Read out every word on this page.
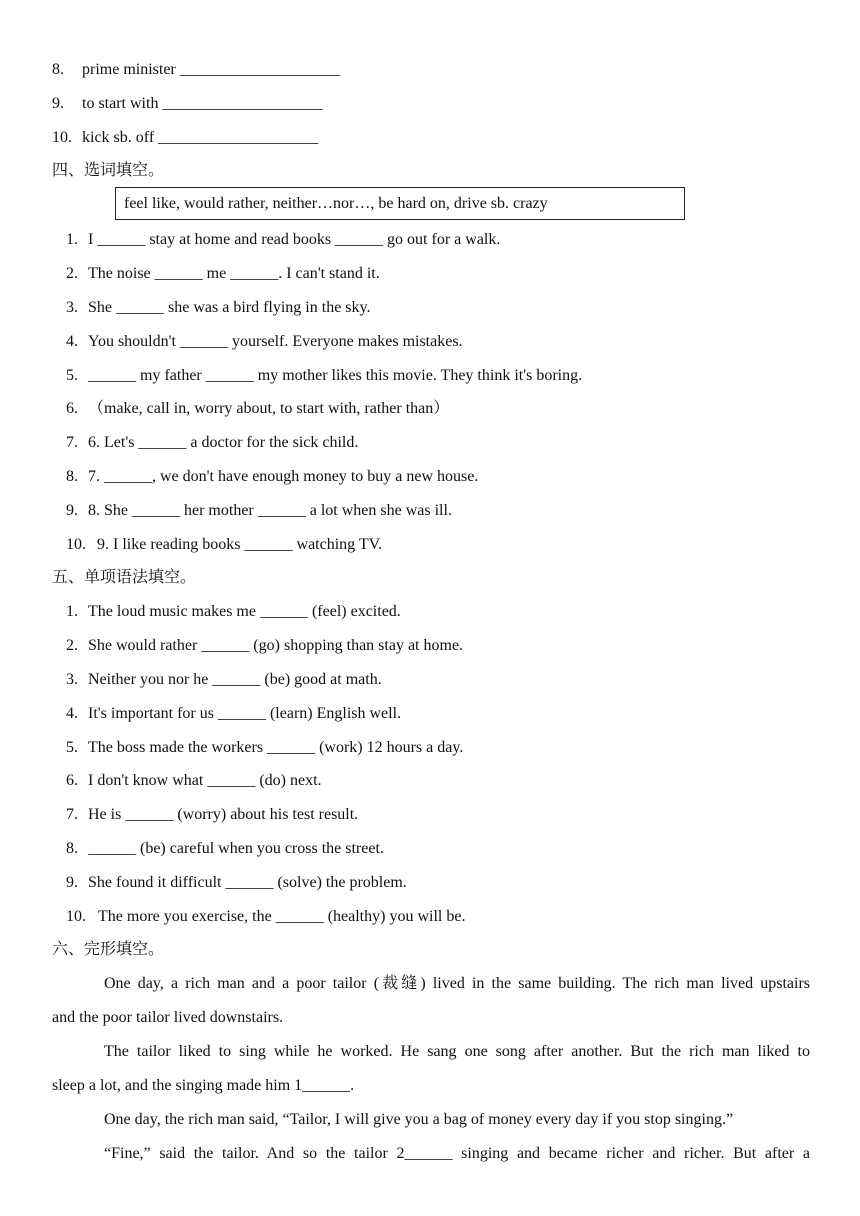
8. prime minister ____________________
9. to start with ____________________
10. kick sb. off ____________________
四、选词填空。
feel like, would rather, neither…nor…, be hard on, drive sb. crazy
1. I ______ stay at home and read books ______ go out for a walk.
2. The noise ______ me ______. I can't stand it.
3. She ______ she was a bird flying in the sky.
4. You shouldn't ______ yourself. Everyone makes mistakes.
5. ______ my father ______ my mother likes this movie. They think it's boring.
6. （make, call in, worry about, to start with, rather than）
7. 6. Let's ______ a doctor for the sick child.
8. 7. ______, we don't have enough money to buy a new house.
9. 8. She ______ her mother ______ a lot when she was ill.
10. 9. I like reading books ______ watching TV.
五、单项语法填空。
1. The loud music makes me ______ (feel) excited.
2. She would rather ______ (go) shopping than stay at home.
3. Neither you nor he ______ (be) good at math.
4. It's important for us ______ (learn) English well.
5. The boss made the workers ______ (work) 12 hours a day.
6. I don't know what ______ (do) next.
7. He is ______ (worry) about his test result.
8. ______ (be) careful when you cross the street.
9. She found it difficult ______ (solve) the problem.
10. The more you exercise, the ______ (healthy) you will be.
六、完形填空。
One day, a rich man and a poor tailor (裁缝) lived in the same building. The rich man lived upstairs
and the poor tailor lived downstairs.
The tailor liked to sing while he worked. He sang one song after another. But the rich man liked to
sleep a lot, and the singing made him 1______.
One day, the rich man said, “Tailor, I will give you a bag of money every day if you stop singing.”
“Fine,” said the tailor. And so the tailor 2______ singing and became richer and richer. But after a
